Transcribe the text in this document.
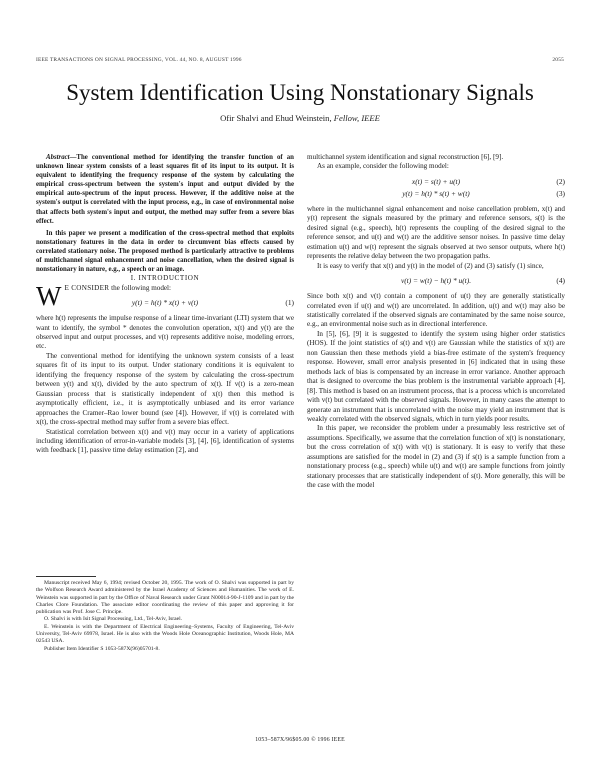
IEEE TRANSACTIONS ON SIGNAL PROCESSING, VOL. 44, NO. 8, AUGUST 1996	2055
System Identification Using Nonstationary Signals
Ofir Shalvi and Ehud Weinstein, Fellow, IEEE

Abstract—The conventional method for identifying the transfer function of an unknown linear system consists of a least squares fit of its input to its output. It is equivalent to identifying the frequency response of the system by calculating the empirical cross-spectrum between the system's input and output divided by the empirical auto-spectrum of the input process. However, if the additive noise at the system's output is correlated with the input process, e.g., in case of environmental noise that affects both system's input and output, the method may suffer from a severe bias effect.

In this paper we present a modification of the cross-spectral method that exploits nonstationary features in the data in order to circumvent bias effects caused by correlated stationary noise. The proposed method is particularly attractive to problems of multichannel signal enhancement and noise cancellation, when the desired signal is nonstationary in nature, e.g., a speech or an image.

I. INTRODUCTION

W E CONSIDER the following model:

y(t) = h(t) * x(t) + v(t)	(1)

where h(t) represents the impulse response of a linear time-invariant (LTI) system that we want to identify, the symbol * denotes the convolution operation, x(t) and y(t) are the observed input and output processes, and v(t) represents additive noise, modeling errors, etc.

The conventional method for identifying the unknown system consists of a least squares fit of its input to its output. Under stationary conditions it is equivalent to identifying the frequency response of the system by calculating the cross-spectrum between y(t) and x(t), divided by the auto spectrum of x(t). If v(t) is a zero-mean Gaussian process that is statistically independent of x(t) then this method is asymptotically efficient, i.e., it is asymptotically unbiased and its error variance approaches the Cramer–Rao lower bound (see [4]). However, if v(t) is correlated with x(t), the cross-spectral method may suffer from a severe bias effect.

Statistical correlation between x(t) and v(t) may occur in a variety of applications including identification of error-in-variable models [3], [4], [6], identification of systems with feedback [1], passive time delay estimation [2], and

Manuscript received May 6, 1994; revised October 20, 1995. The work of O. Shalvi was supported in part by the Wolfson Research Award administered by the Israel Academy of Sciences and Humanities. The work of E. Weinstein was supported in part by the Office of Naval Research under Grant N00014-90-J-1109 and in part by the Charles Clore Foundation. The associate editor coordinating the review of this paper and approving it for publication was Prof. Jose C. Principe.

O. Shalvi is with Isit Signal Processing, Ltd., Tel-Aviv, Israel.

E. Weinstein is with the Department of Electrical Engineering–Systems, Faculty of Engineering, Tel-Aviv University, Tel-Aviv 69978, Israel. He is also with the Woods Hole Oceanographic Institution, Woods Hole, MA 02543 USA.

Publisher Item Identifier S 1053-587X(96)05701-8.

multichannel system identification and signal reconstruction [6], [9].

As an example, consider the following model:

x(t) = s(t) + u(t)	(2)
y(t) = h(t) * s(t) + w(t)	(3)

where in the multichannel signal enhancement and noise cancellation problem, x(t) and y(t) represent the signals measured by the primary and reference sensors, s(t) is the desired signal (e.g., speech), h(t) represents the coupling of the desired signal to the reference sensor, and u(t) and w(t) are the additive sensor noises. In passive time delay estimation u(t) and w(t) represent the signals observed at two sensor outputs, where h(t) represents the relative delay between the two propagation paths.

It is easy to verify that x(t) and y(t) in the model of (2) and (3) satisfy (1) since,

v(t) = w(t) − h(t) * u(t).	(4)

Since both x(t) and v(t) contain a component of u(t) they are generally statistically correlated even if u(t) and w(t) are uncorrelated. In addition, u(t) and w(t) may also be statistically correlated if the observed signals are contaminated by the same noise source, e.g., an environmental noise such as in directional interference.

In [5], [6], [9] it is suggested to identify the system using higher order statistics (HOS). If the joint statistics of s(t) and v(t) are Gaussian while the statistics of x(t) are non Gaussian then these methods yield a bias-free estimate of the system's frequency response. However, small error analysis presented in [6] indicated that in using these methods lack of bias is compensated by an increase in error variance. Another approach that is designed to overcome the bias problem is the instrumental variable approach [4], [8]. This method is based on an instrument process, that is a process which is uncorrelated with v(t) but correlated with the observed signals. However, in many cases the attempt to generate an instrument that is uncorrelated with the noise may yield an instrument that is weakly correlated with the observed signals, which in turn yields poor results.

In this paper, we reconsider the problem under a presumably less restrictive set of assumptions. Specifically, we assume that the correlation function of x(t) is nonstationary, but the cross correlation of x(t) with v(t) is stationary. It is easy to verify that these assumptions are satisfied for the model in (2) and (3) if s(t) is a sample function from a nonstationary process (e.g., speech) while u(t) and w(t) are sample functions from jointly stationary processes that are statistically independent of s(t). More generally, this will be the case with the model

1053–587X/96$05.00 © 1996 IEEE
